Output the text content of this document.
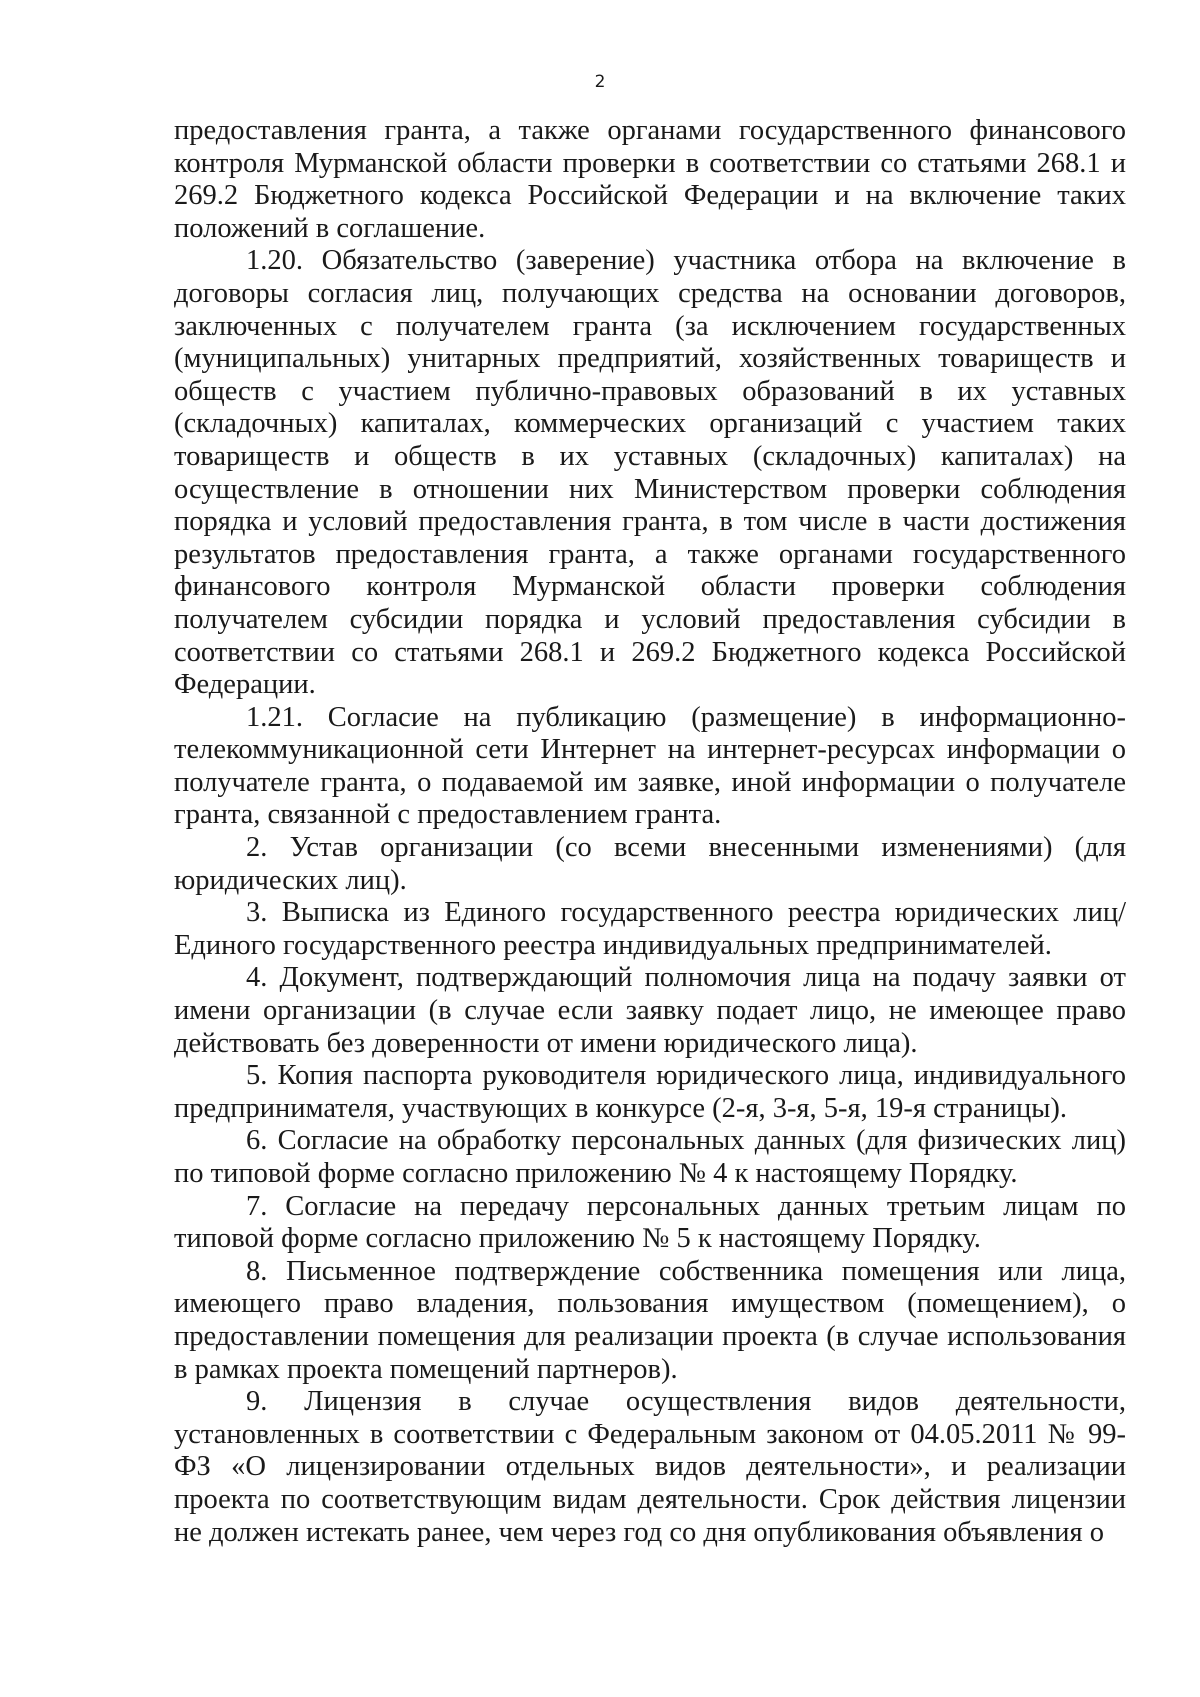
2

предоставления гранта, а также органами государственного финансового контроля Мурманской области проверки в соответствии со статьями 268.1 и 269.2 Бюджетного кодекса Российской Федерации и на включение таких положений в соглашение.

1.20. Обязательство (заверение) участника отбора на включение в договоры согласия лиц, получающих средства на основании договоров, заключенных с получателем гранта (за исключением государственных (муниципальных) унитарных предприятий, хозяйственных товариществ и обществ с участием публично-правовых образований в их уставных (складочных) капиталах, коммерческих организаций с участием таких товариществ и обществ в их уставных (складочных) капиталах) на осуществление в отношении них Министерством проверки соблюдения порядка и условий предоставления гранта, в том числе в части достижения результатов предоставления гранта, а также органами государственного финансового контроля Мурманской области проверки соблюдения получателем субсидии порядка и условий предоставления субсидии в соответствии со статьями 268.1 и 269.2 Бюджетного кодекса Российской Федерации.

1.21. Согласие на публикацию (размещение) в информационно-телекоммуникационной сети Интернет на интернет-ресурсах информации о получателе гранта, о подаваемой им заявке, иной информации о получателе гранта, связанной с предоставлением гранта.

2. Устав организации (со всеми внесенными изменениями) (для юридических лиц).

3. Выписка из Единого государственного реестра юридических лиц/Единого государственного реестра индивидуальных предпринимателей.

4. Документ, подтверждающий полномочия лица на подачу заявки от имени организации (в случае если заявку подает лицо, не имеющее право действовать без доверенности от имени юридического лица).

5. Копия паспорта руководителя юридического лица, индивидуального предпринимателя, участвующих в конкурсе (2-я, 3-я, 5-я, 19-я страницы).

6. Согласие на обработку персональных данных (для физических лиц) по типовой форме согласно приложению № 4 к настоящему Порядку.

7. Согласие на передачу персональных данных третьим лицам по типовой форме согласно приложению № 5 к настоящему Порядку.

8. Письменное подтверждение собственника помещения или лица, имеющего право владения, пользования имуществом (помещением), о предоставлении помещения для реализации проекта (в случае использования в рамках проекта помещений партнеров).

9. Лицензия в случае осуществления видов деятельности, установленных в соответствии с Федеральным законом от 04.05.2011 № 99-ФЗ «О лицензировании отдельных видов деятельности», и реализации проекта по соответствующим видам деятельности. Срок действия лицензии не должен истекать ранее, чем через год со дня опубликования объявления о
